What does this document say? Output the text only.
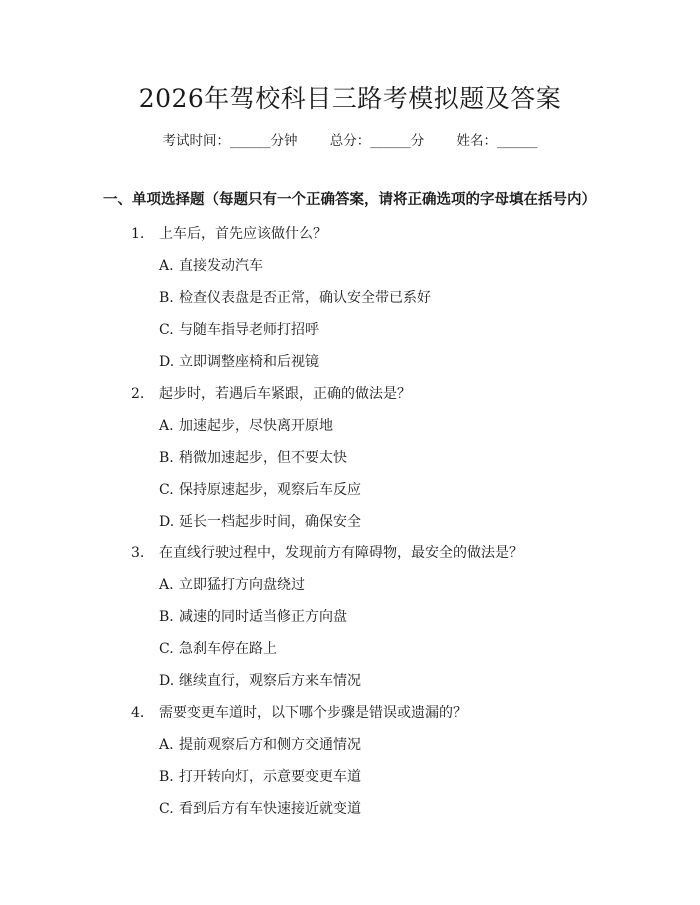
2026年驾校科目三路考模拟题及答案
考试时间：______分钟 总分：______分 姓名：______
一、单项选择题（每题只有一个正确答案，请将正确选项的字母填在括号内）
1. 上车后，首先应该做什么？
A. 直接发动汽车
B. 检查仪表盘是否正常，确认安全带已系好
C. 与随车指导老师打招呼
D. 立即调整座椅和后视镜
2. 起步时，若遇后车紧跟，正确的做法是？
A. 加速起步，尽快离开原地
B. 稍微加速起步，但不要太快
C. 保持原速起步，观察后车反应
D. 延长一档起步时间，确保安全
3. 在直线行驶过程中，发现前方有障碍物，最安全的做法是？
A. 立即猛打方向盘绕过
B. 减速的同时适当修正方向盘
C. 急刹车停在路上
D. 继续直行，观察后方来车情况
4. 需要变更车道时，以下哪个步骤是错误或遗漏的？
A. 提前观察后方和侧方交通情况
B. 打开转向灯，示意要变更车道
C. 看到后方有车快速接近就变道
